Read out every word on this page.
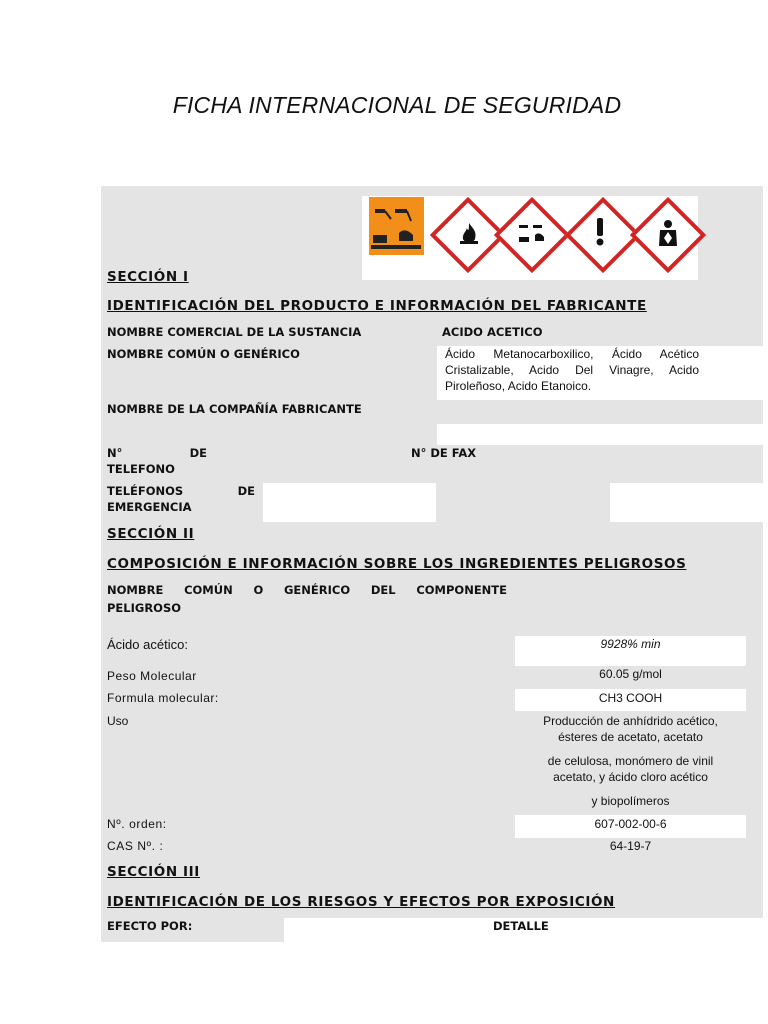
FICHA INTERNACIONAL DE SEGURIDAD
SECCIÓN I
IDENTIFICACIÓN DEL PRODUCTO E INFORMACIÓN DEL FABRICANTE
NOMBRE COMERCIAL DE LA SUSTANCIA	ACIDO ACETICO
NOMBRE COMÚN O GENÉRICO	Ácido Metanocarboxilico, Ácido Acético
Cristalizable, Acido Del Vinagre, Acido
Piroleñoso, Acido Etanoico.
NOMBRE DE LA COMPAÑÍA FABRICANTE
N° DE
TELEFONO
N° DE FAX
TELÉFONOS DE
EMERGENCIA
SECCIÓN II
COMPOSICIÓN E INFORMACIÓN SOBRE LOS INGREDIENTES PELIGROSOS
NOMBRE COMÚN O GENÉRICO DEL COMPONENTE
PELIGROSO
Ácido acético:	9928% min
Peso Molecular	60.05 g/mol
Formula molecular:	CH3 COOH
Uso	Producción de anhídrido acético,
ésteres de acetato, acetato
de celulosa, monómero de vinil
acetato, y ácido cloro acético
y biopolímeros
Nº. orden:	607-002-00-6
CAS Nº. :	64-19-7
SECCIÓN III
IDENTIFICACIÓN DE LOS RIESGOS Y EFECTOS POR EXPOSICIÓN
EFECTO POR:	DETALLE
